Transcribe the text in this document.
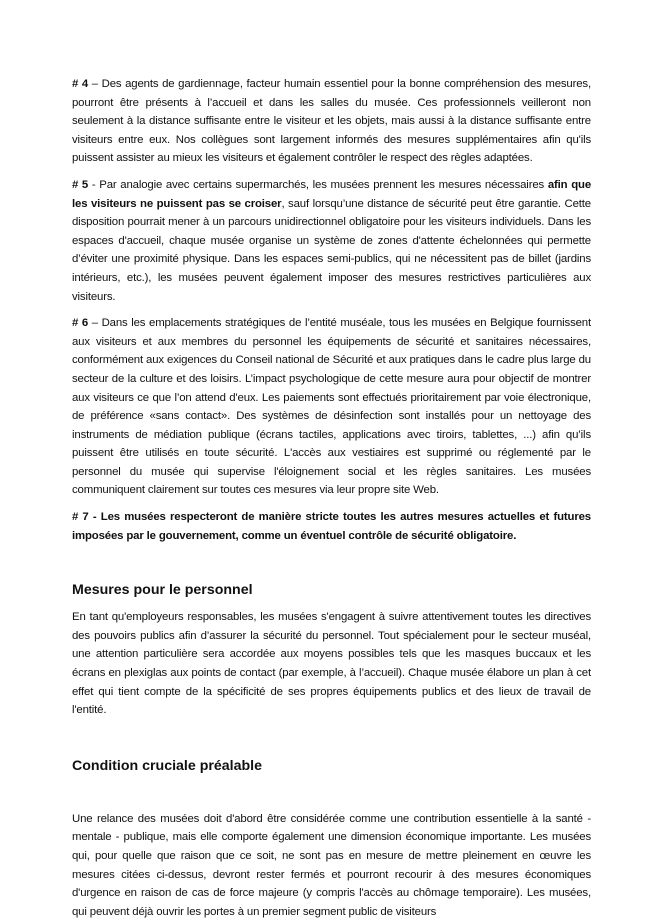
# 4 – Des agents de gardiennage, facteur humain essentiel pour la bonne compréhension des mesures, pourront être présents à l’accueil et dans les salles du musée. Ces professionnels veilleront non seulement à la distance suffisante entre le visiteur et les objets, mais aussi à la distance suffisante entre visiteurs entre eux. Nos collègues sont largement informés des mesures supplémentaires afin qu'ils puissent assister au mieux les visiteurs et également contrôler le respect des règles adaptées.

# 5 - Par analogie avec certains supermarchés, les musées prennent les mesures nécessaires afin que les visiteurs ne puissent pas se croiser, sauf lorsqu’une distance de sécurité peut être garantie. Cette disposition pourrait mener à un parcours unidirectionnel obligatoire pour les visiteurs individuels. Dans les espaces d'accueil, chaque musée organise un système de zones d'attente échelonnées qui permette d’éviter une proximité physique. Dans les espaces semi-publics, qui ne nécessitent pas de billet (jardins intérieurs, etc.), les musées peuvent également imposer des mesures restrictives particulières aux visiteurs.

# 6 – Dans les emplacements stratégiques de l’entité muséale, tous les musées en Belgique fournissent aux visiteurs et aux membres du personnel les équipements de sécurité et sanitaires nécessaires, conformément aux exigences du Conseil national de Sécurité et aux pratiques dans le cadre plus large du secteur de la culture et des loisirs. L’impact psychologique de cette mesure aura pour objectif de montrer aux visiteurs ce que l’on attend d'eux. Les paiements sont effectués prioritairement par voie électronique, de préférence «sans contact». Des systèmes de désinfection sont installés pour un nettoyage des instruments de médiation publique (écrans tactiles, applications avec tiroirs, tablettes, ...) afin qu’ils puissent être utilisés en toute sécurité. L'accès aux vestiaires est supprimé ou réglementé par le personnel du musée qui supervise l'éloignement social et les règles sanitaires. Les musées communiquent clairement sur toutes ces mesures via leur propre site Web.

# 7 - Les musées respecteront de manière stricte toutes les autres mesures actuelles et futures imposées par le gouvernement, comme un éventuel contrôle de sécurité obligatoire.

Mesures pour le personnel

En tant qu'employeurs responsables, les musées s'engagent à suivre attentivement toutes les directives des pouvoirs publics afin d’assurer la sécurité du personnel. Tout spécialement pour le secteur muséal, une attention particulière sera accordée aux moyens possibles tels que les masques buccaux et les écrans en plexiglas aux points de contact (par exemple, à l’accueil). Chaque musée élabore un plan à cet effet qui tient compte de la spécificité de ses propres équipements publics et des lieux de travail de l'entité.

Condition cruciale préalable

Une relance des musées doit d'abord être considérée comme une contribution essentielle à la santé - mentale - publique, mais elle comporte également une dimension économique importante. Les musées qui, pour quelle que raison que ce soit, ne sont pas en mesure de mettre pleinement en œuvre les mesures citées ci-dessus, devront rester fermés et pourront recourir à des mesures économiques d'urgence en raison de cas de force majeure (y compris l'accès au chômage temporaire). Les musées, qui peuvent déjà ouvrir les portes à un premier segment public de visiteurs
